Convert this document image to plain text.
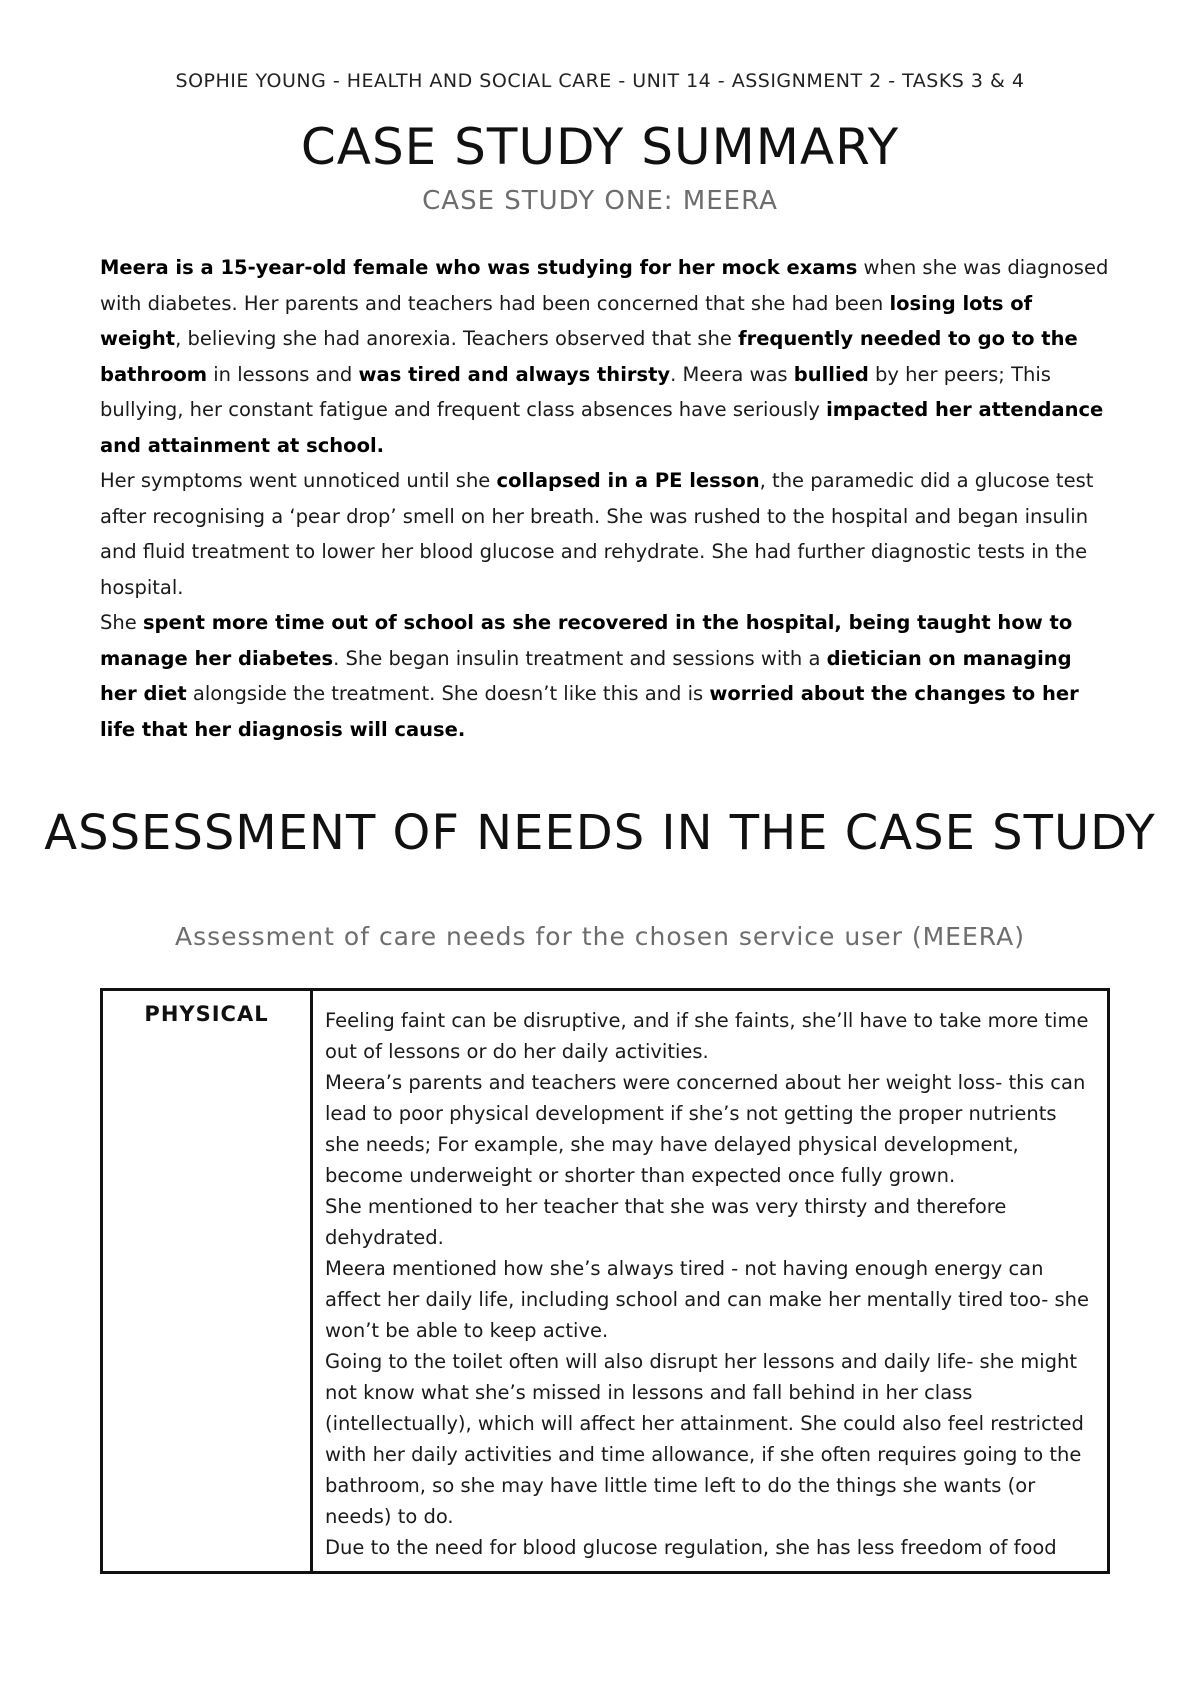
SOPHIE YOUNG - HEALTH AND SOCIAL CARE - UNIT 14 - ASSIGNMENT 2 - TASKS 3 & 4
CASE STUDY SUMMARY
CASE STUDY ONE: MEERA

Meera is a 15-year-old female who was studying for her mock exams when she was diagnosed with diabetes. Her parents and teachers had been concerned that she had been losing lots of weight, believing she had anorexia. Teachers observed that she frequently needed to go to the bathroom in lessons and was tired and always thirsty. Meera was bullied by her peers; This bullying, her constant fatigue and frequent class absences have seriously impacted her attendance and attainment at school.

Her symptoms went unnoticed until she collapsed in a PE lesson, the paramedic did a glucose test after recognising a ‘pear drop’ smell on her breath. She was rushed to the hospital and began insulin and fluid treatment to lower her blood glucose and rehydrate. She had further diagnostic tests in the hospital.

She spent more time out of school as she recovered in the hospital, being taught how to manage her diabetes. She began insulin treatment and sessions with a dietician on managing her diet alongside the treatment. She doesn’t like this and is worried about the changes to her life that her diagnosis will cause.

ASSESSMENT OF NEEDS IN THE CASE STUDY
Assessment of care needs for the chosen service user (MEERA)
PHYSICAL	Feeling faint can be disruptive, and if she faints, she’ll have to take more time out of lessons or do her daily activities.

Meera’s parents and teachers were concerned about her weight loss- this can lead to poor physical development if she’s not getting the proper nutrients she needs; For example, she may have delayed physical development, become underweight or shorter than expected once fully grown.

She mentioned to her teacher that she was very thirsty and therefore dehydrated.

Meera mentioned how she’s always tired - not having enough energy can affect her daily life, including school and can make her mentally tired too- she won’t be able to keep active.

Going to the toilet often will also disrupt her lessons and daily life- she might not know what she’s missed in lessons and fall behind in her class (intellectually), which will affect her attainment. She could also feel restricted with her daily activities and time allowance, if she often requires going to the bathroom, so she may have little time left to do the things she wants (or needs) to do.

Due to the need for blood glucose regulation, she has less freedom of food
